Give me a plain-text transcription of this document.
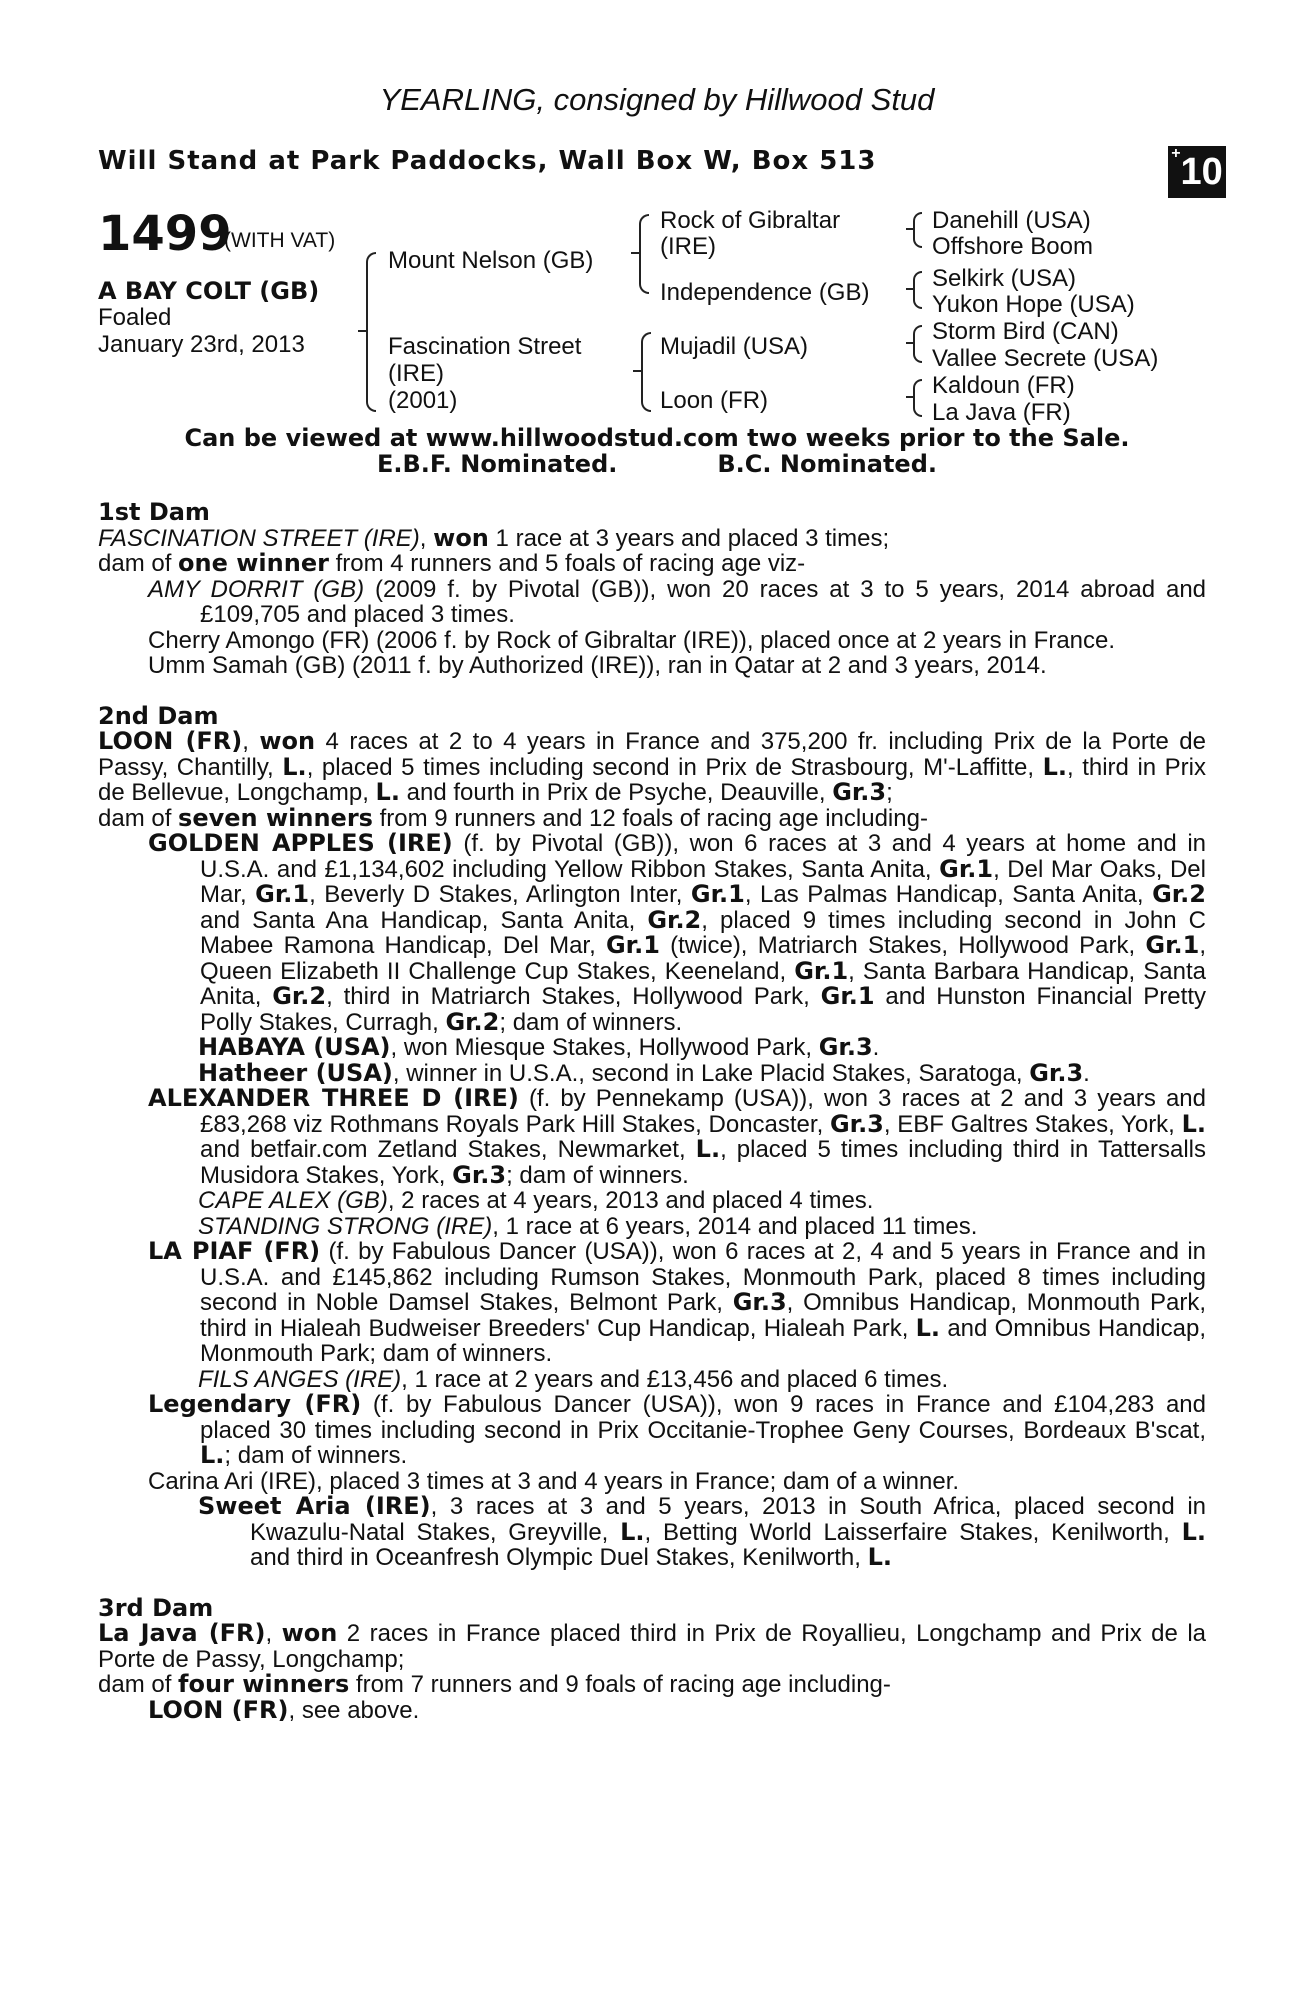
YEARLING, consigned by Hillwood Stud
Will Stand at Park Paddocks, Wall Box W, Box 513	+10
1499
(WITH VAT)
A BAY COLT (GB)
Foaled
January 23rd, 2013
Mount Nelson (GB)
Fascination Street
(IRE)
(2001)
Rock of Gibraltar
(IRE)
Independence (GB)
Mujadil (USA)
Loon (FR)
Danehill (USA)
Offshore Boom
Selkirk (USA)
Yukon Hope (USA)
Storm Bird (CAN)
Vallee Secrete (USA)
Kaldoun (FR)
La Java (FR)
Can be viewed at www.hillwoodstud.com two weeks prior to the Sale.
E.B.F. Nominated.	B.C. Nominated.
1st Dam
FASCINATION STREET (IRE), won 1 race at 3 years and placed 3 times;
dam of one winner from 4 runners and 5 foals of racing age viz-
AMY DORRIT (GB) (2009 f. by Pivotal (GB)), won 20 races at 3 to 5 years, 2014 abroad and £109,705 and placed 3 times.
Cherry Amongo (FR) (2006 f. by Rock of Gibraltar (IRE)), placed once at 2 years in France.
Umm Samah (GB) (2011 f. by Authorized (IRE)), ran in Qatar at 2 and 3 years, 2014.
2nd Dam
LOON (FR), won 4 races at 2 to 4 years in France and 375,200 fr. including Prix de la Porte de Passy, Chantilly, L., placed 5 times including second in Prix de Strasbourg, M'-Laffitte, L., third in Prix de Bellevue, Longchamp, L. and fourth in Prix de Psyche, Deauville, Gr.3;
dam of seven winners from 9 runners and 12 foals of racing age including-
GOLDEN APPLES (IRE) (f. by Pivotal (GB)), won 6 races at 3 and 4 years at home and in U.S.A. and £1,134,602 including Yellow Ribbon Stakes, Santa Anita, Gr.1, Del Mar Oaks, Del Mar, Gr.1, Beverly D Stakes, Arlington Inter, Gr.1, Las Palmas Handicap, Santa Anita, Gr.2 and Santa Ana Handicap, Santa Anita, Gr.2, placed 9 times including second in John C Mabee Ramona Handicap, Del Mar, Gr.1 (twice), Matriarch Stakes, Hollywood Park, Gr.1, Queen Elizabeth II Challenge Cup Stakes, Keeneland, Gr.1, Santa Barbara Handicap, Santa Anita, Gr.2, third in Matriarch Stakes, Hollywood Park, Gr.1 and Hunston Financial Pretty Polly Stakes, Curragh, Gr.2; dam of winners.
HABAYA (USA), won Miesque Stakes, Hollywood Park, Gr.3.
Hatheer (USA), winner in U.S.A., second in Lake Placid Stakes, Saratoga, Gr.3.
ALEXANDER THREE D (IRE) (f. by Pennekamp (USA)), won 3 races at 2 and 3 years and £83,268 viz Rothmans Royals Park Hill Stakes, Doncaster, Gr.3, EBF Galtres Stakes, York, L. and betfair.com Zetland Stakes, Newmarket, L., placed 5 times including third in Tattersalls Musidora Stakes, York, Gr.3; dam of winners.
CAPE ALEX (GB), 2 races at 4 years, 2013 and placed 4 times.
STANDING STRONG (IRE), 1 race at 6 years, 2014 and placed 11 times.
LA PIAF (FR) (f. by Fabulous Dancer (USA)), won 6 races at 2, 4 and 5 years in France and in U.S.A. and £145,862 including Rumson Stakes, Monmouth Park, placed 8 times including second in Noble Damsel Stakes, Belmont Park, Gr.3, Omnibus Handicap, Monmouth Park, third in Hialeah Budweiser Breeders' Cup Handicap, Hialeah Park, L. and Omnibus Handicap, Monmouth Park; dam of winners.
FILS ANGES (IRE), 1 race at 2 years and £13,456 and placed 6 times.
Legendary (FR) (f. by Fabulous Dancer (USA)), won 9 races in France and £104,283 and placed 30 times including second in Prix Occitanie-Trophee Geny Courses, Bordeaux B'scat, L.; dam of winners.
Carina Ari (IRE), placed 3 times at 3 and 4 years in France; dam of a winner.
Sweet Aria (IRE), 3 races at 3 and 5 years, 2013 in South Africa, placed second in Kwazulu-Natal Stakes, Greyville, L., Betting World Laisserfaire Stakes, Kenilworth, L. and third in Oceanfresh Olympic Duel Stakes, Kenilworth, L.
3rd Dam
La Java (FR), won 2 races in France placed third in Prix de Royallieu, Longchamp and Prix de la Porte de Passy, Longchamp;
dam of four winners from 7 runners and 9 foals of racing age including-
LOON (FR), see above.
